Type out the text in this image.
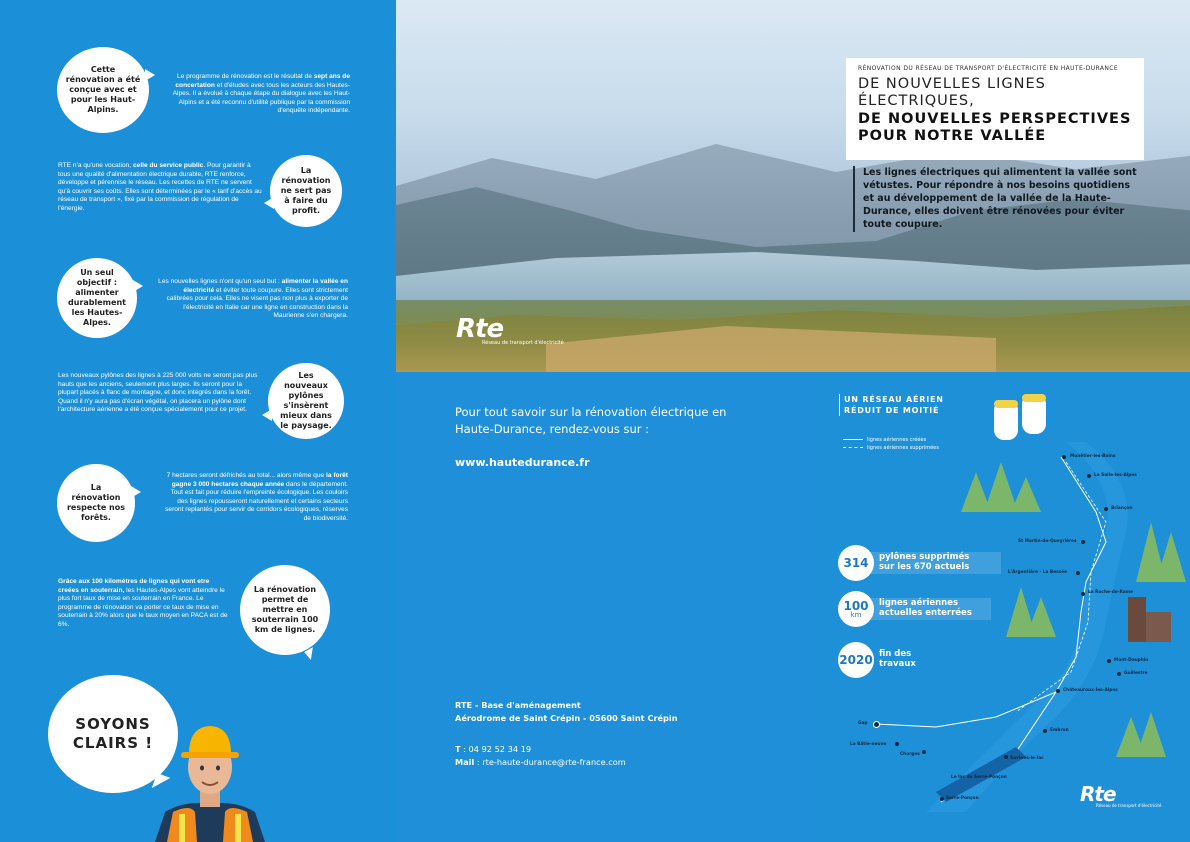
Cette rénovation a été conçue avec et pour les Haut-Alpins.
Le programme de rénovation est le résultat de sept ans de concertation et d'études avec tous les acteurs des Hautes-Alpes. Il a évolué à chaque étape du dialogue avec les Haut-Alpins et a été reconnu d'utilité publique par la commission d'enquête indépendante.
RTE n'a qu'une vocation, celle du service public. Pour garantir à tous une qualité d'alimentation électrique durable, RTE renforce, développe et pérennise le réseau. Les recettes de RTE ne servent qu'à couvrir ses coûts. Elles sont déterminées par le « tarif d'accès au réseau de transport », fixé par la commission de régulation de l'énergie.
La rénovation ne sert pas à faire du profit.
Un seul objectif : alimenter durablement les Hautes-Alpes.
Les nouvelles lignes n'ont qu'un seul but : alimenter la vallée en électricité et éviter toute coupure. Elles sont strictement calibrées pour cela. Elles ne visent pas non plus à exporter de l'électricité en Italie car une ligne en construction dans la Maurienne s'en chargera.
Les nouveaux pylônes des lignes à 225 000 volts ne seront pas plus hauts que les anciens, seulement plus larges. Ils seront pour la plupart placés à flanc de montagne, et donc intégrés dans la forêt. Quand il n'y aura pas d'écran végétal, on placera un pylône dont l'architecture aérienne a été conçue spécialement pour ce projet.
Les nouveaux pylônes s'insèrent mieux dans le paysage.
La rénovation respecte nos forêts.
7 hectares seront défrichés au total... alors même que la forêt gagne 3 000 hectares chaque année dans le département. Tout est fait pour réduire l'empreinte écologique. Les couloirs des lignes repousseront naturellement et certains secteurs seront replantés pour servir de corridors écologiques, réserves de biodiversité.
Grâce aux 100 kilomètres de lignes qui vont etre creées en souterrain, les Hautes-Alpes vont atteindre le plus fort taux de mise en souterrain en France. Le programme de rénovation va porter ce taux de mise en souterrain à 20% alors que le taux moyen en PACA est de 6%.
La rénovation permet de mettre en souterrain 100 km de lignes.
SOYONS
CLAIRS !
RÉNOVATION DU RÉSEAU DE TRANSPORT D'ÉLECTRICITÉ EN HAUTE-DURANCE
DE NOUVELLES LIGNES
ÉLECTRIQUES,
DE NOUVELLES PERSPECTIVES
POUR NOTRE VALLÉE
Les lignes électriques qui alimentent la vallée sont vétustes. Pour répondre à nos besoins quotidiens et au développement de la vallée de la Haute-Durance, elles doivent être rénovées pour éviter toute coupure.
Rte
Réseau de transport d'électricité
Pour tout savoir sur la rénovation électrique en Haute-Durance, rendez-vous sur :
www.hautedurance.fr
RTE - Base d'aménagement
Aérodrome de Saint Crépin - 05600 Saint Crépin
T : 04 92 52 34 19
Mail : rte-haute-durance@rte-france.com
UN RÉSEAU AÉRIEN
RÉDUIT DE MOITIÉ
lignes aériennes créées
lignes aériennes supprimées
314	pylônes supprimés
sur les 670 actuels
100
km
lignes aériennes
actuelles enterrées
2020 fin des
travaux
Monêtier-les-Bains
La Salle-les-Alpes
Briançon
St Martin-de-Queyrières
L'Argentière - La Bessée
La Roche-de-Rame
Mont-Dauphin
Guillestre
Châteauroux-les-Alpes
Embrun
Gap
La Bâtie-neuve
Chorges
Savines-le-lac
Le lac de Serre-Ponçon
Serre-Ponçon	Rte
Réseau de transport d'électricité
